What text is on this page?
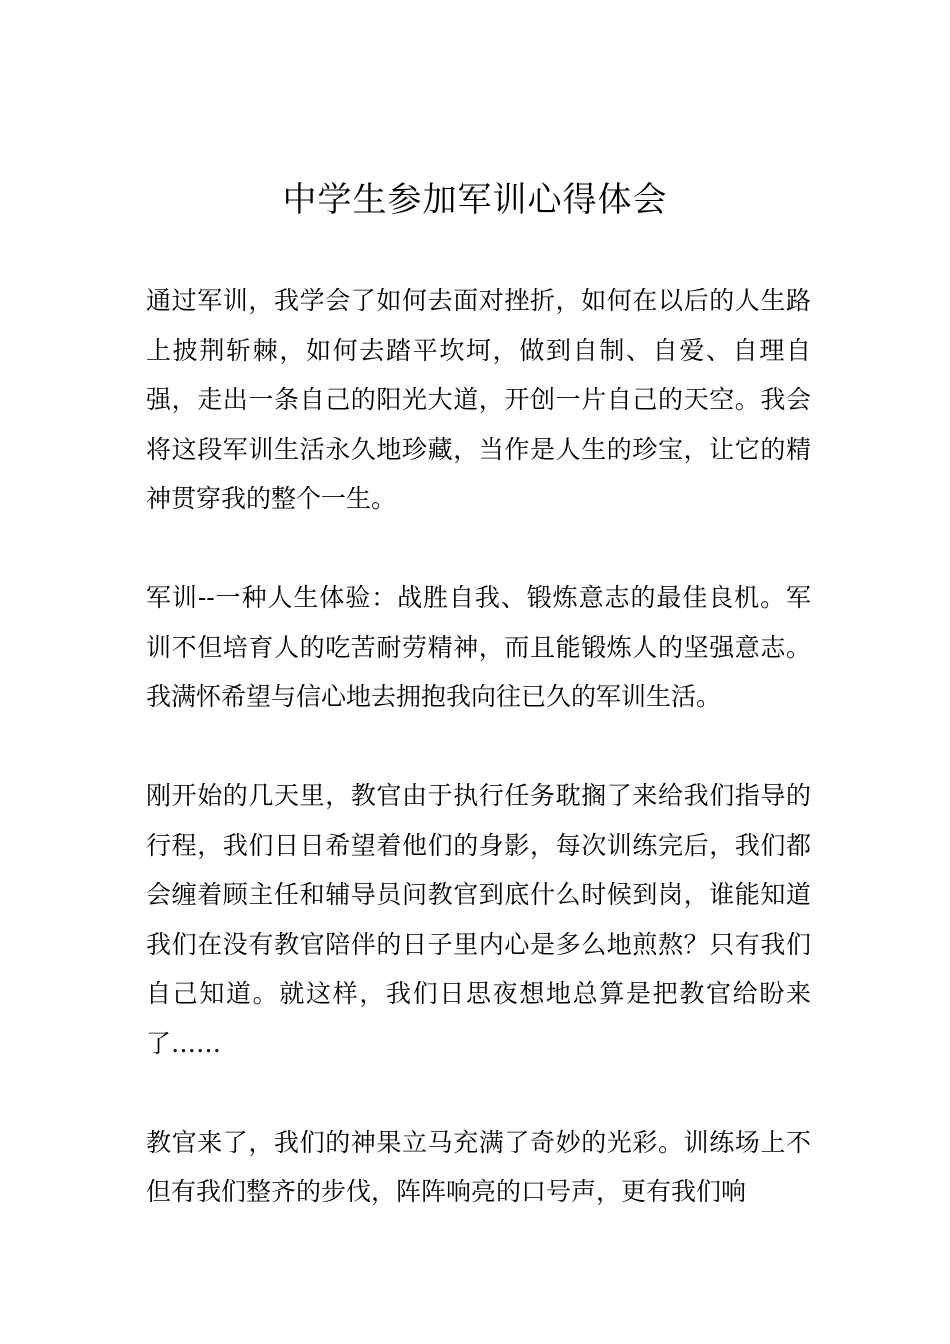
中学生参加军训心得体会

通过军训，我学会了如何去面对挫折，如何在以后的人生路上披荆斩棘，如何去踏平坎坷，做到自制、自爱、自理自强，走出一条自己的阳光大道，开创一片自己的天空。我会将这段军训生活永久地珍藏，当作是人生的珍宝，让它的精神贯穿我的整个一生。

军训--一种人生体验：战胜自我、锻炼意志的最佳良机。军训不但培育人的吃苦耐劳精神，而且能锻炼人的坚强意志。我满怀希望与信心地去拥抱我向往已久的军训生活。

刚开始的几天里，教官由于执行任务耽搁了来给我们指导的行程，我们日日希望着他们的身影，每次训练完后，我们都会缠着顾主任和辅导员问教官到底什么时候到岗，谁能知道我们在没有教官陪伴的日子里内心是多么地煎熬？只有我们自己知道。就这样，我们日思夜想地总算是把教官给盼来了……

教官来了，我们的神果立马充满了奇妙的光彩。训练场上不但有我们整齐的步伐，阵阵响亮的口号声，更有我们响
